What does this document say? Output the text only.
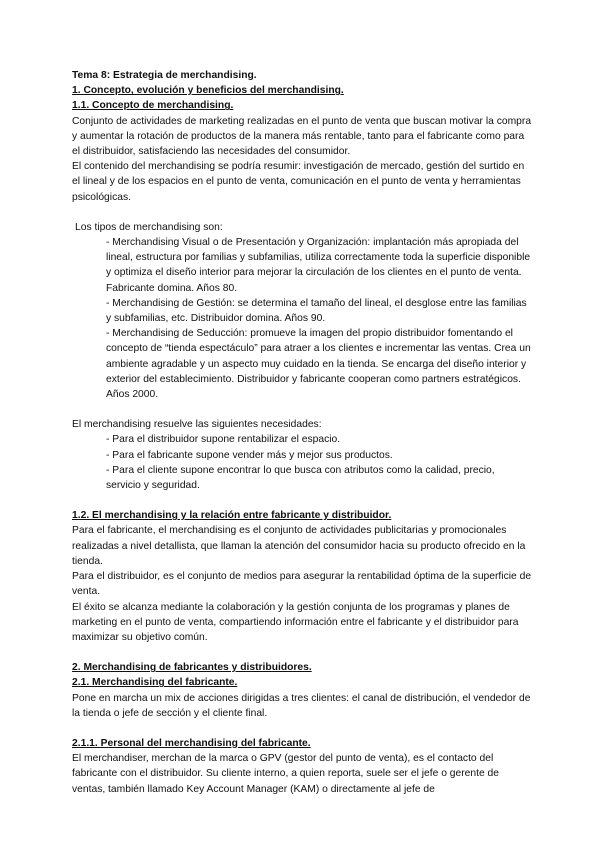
Tema 8: Estrategia de merchandising.

1. Concepto, evolución y beneficios del merchandising.

1.1. Concepto de merchandising.

Conjunto de actividades de marketing realizadas en el punto de venta que buscan motivar la compra y aumentar la rotación de productos de la manera más rentable, tanto para el fabricante como para el distribuidor, satisfaciendo las necesidades del consumidor.

El contenido del merchandising se podría resumir: investigación de mercado, gestión del surtido en el lineal y de los espacios en el punto de venta, comunicación en el punto de venta y herramientas psicológicas.

Los tipos de merchandising son:

- Merchandising Visual o de Presentación y Organización: implantación más apropiada del lineal, estructura por familias y subfamilias, utiliza correctamente toda la superficie disponible y optimiza el diseño interior para mejorar la circulación de los clientes en el punto de venta. Fabricante domina. Años 80.

- Merchandising de Gestión: se determina el tamaño del lineal, el desglose entre las familias y subfamilias, etc. Distribuidor domina. Años 90.

- Merchandising de Seducción: promueve la imagen del propio distribuidor fomentando el concepto de “tienda espectáculo” para atraer a los clientes e incrementar las ventas. Crea un ambiente agradable y un aspecto muy cuidado en la tienda. Se encarga del diseño interior y exterior del establecimiento. Distribuidor y fabricante cooperan como partners estratégicos. Años 2000.

El merchandising resuelve las siguientes necesidades:

- Para el distribuidor supone rentabilizar el espacio.

- Para el fabricante supone vender más y mejor sus productos.

- Para el cliente supone encontrar lo que busca con atributos como la calidad, precio, servicio y seguridad.

1.2. El merchandising y la relación entre fabricante y distribuidor.

Para el fabricante, el merchandising es el conjunto de actividades publicitarias y promocionales realizadas a nivel detallista, que llaman la atención del consumidor hacia su producto ofrecido en la tienda.

Para el distribuidor, es el conjunto de medios para asegurar la rentabilidad óptima de la superficie de venta.

El éxito se alcanza mediante la colaboración y la gestión conjunta de los programas y planes de marketing en el punto de venta, compartiendo información entre el fabricante y el distribuidor para maximizar su objetivo común.

2. Merchandising de fabricantes y distribuidores.

2.1. Merchandising del fabricante.

Pone en marcha un mix de acciones dirigidas a tres clientes: el canal de distribución, el vendedor de la tienda o jefe de sección y el cliente final.

2.1.1. Personal del merchandising del fabricante.

El merchandiser, merchan de la marca o GPV (gestor del punto de venta), es el contacto del fabricante con el distribuidor. Su cliente interno, a quien reporta, suele ser el jefe o gerente de ventas, también llamado Key Account Manager (KAM) o directamente al jefe de
